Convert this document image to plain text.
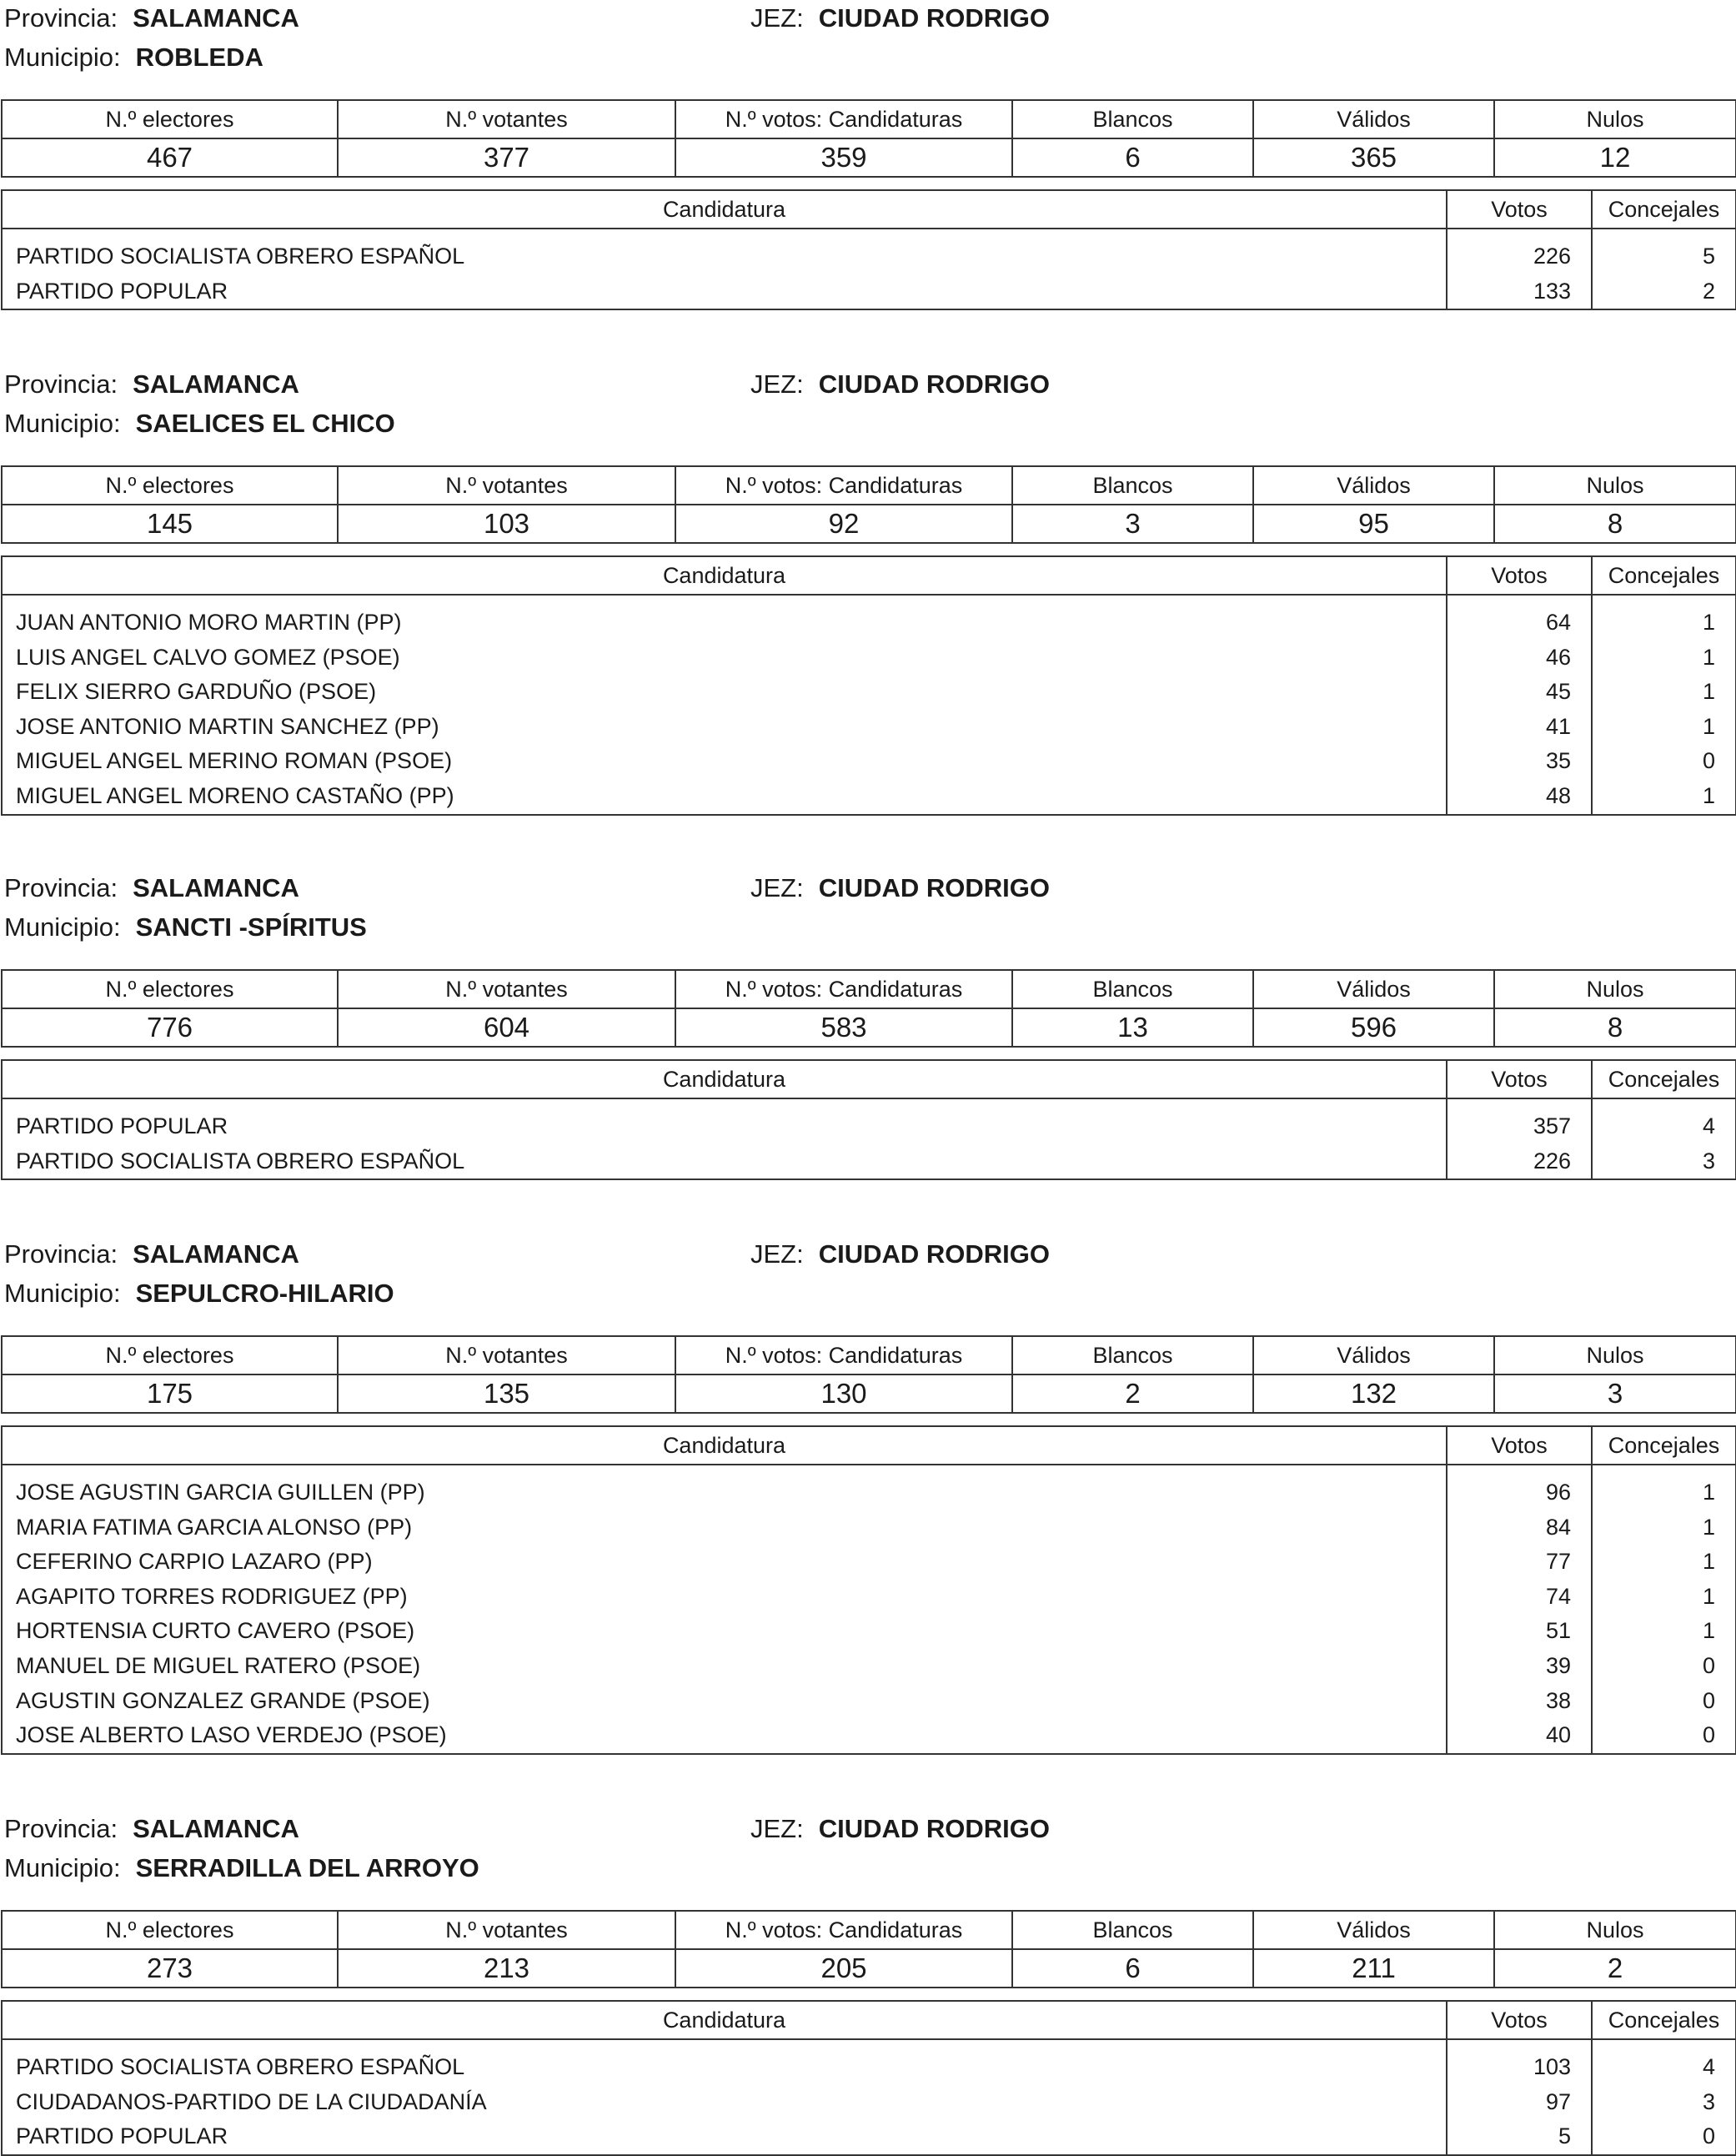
Provincia: SALAMANCA	JEZ: CIUDAD RODRIGO
Municipio: ROBLEDA
N.º electores	N.º votantes	N.º votos: Candidaturas	Blancos	Válidos	Nulos
467	377	359	6	365	12
Candidatura	Votos	Concejales

PARTIDO SOCIALISTA OBRERO ESPAÑOL	226	5
PARTIDO POPULAR	133	2
Provincia: SALAMANCA	JEZ: CIUDAD RODRIGO
Municipio: SAELICES EL CHICO
N.º electores	N.º votantes	N.º votos: Candidaturas	Blancos	Válidos	Nulos
145	103	92	3	95	8
Candidatura	Votos	Concejales

JUAN ANTONIO MORO MARTIN (PP)	64	1
LUIS ANGEL CALVO GOMEZ (PSOE)	46	1
FELIX SIERRO GARDUÑO (PSOE)	45	1
JOSE ANTONIO MARTIN SANCHEZ (PP)	41	1
MIGUEL ANGEL MERINO ROMAN (PSOE)	35	0
MIGUEL ANGEL MORENO CASTAÑO (PP)	48	1
Provincia: SALAMANCA	JEZ: CIUDAD RODRIGO
Municipio: SANCTI -SPÍRITUS
N.º electores	N.º votantes	N.º votos: Candidaturas	Blancos	Válidos	Nulos
776	604	583	13	596	8
Candidatura	Votos	Concejales

PARTIDO POPULAR	357	4
PARTIDO SOCIALISTA OBRERO ESPAÑOL	226	3
Provincia: SALAMANCA	JEZ: CIUDAD RODRIGO
Municipio: SEPULCRO-HILARIO
N.º electores	N.º votantes	N.º votos: Candidaturas	Blancos	Válidos	Nulos
175	135	130	2	132	3
Candidatura	Votos	Concejales

JOSE AGUSTIN GARCIA GUILLEN (PP)	96	1
MARIA FATIMA GARCIA ALONSO (PP)	84	1
CEFERINO CARPIO LAZARO (PP)	77	1
AGAPITO TORRES RODRIGUEZ (PP)	74	1
HORTENSIA CURTO CAVERO (PSOE)	51	1
MANUEL DE MIGUEL RATERO (PSOE)	39	0
AGUSTIN GONZALEZ GRANDE (PSOE)	38	0
JOSE ALBERTO LASO VERDEJO (PSOE)	40	0
Provincia: SALAMANCA	JEZ: CIUDAD RODRIGO
Municipio: SERRADILLA DEL ARROYO
N.º electores	N.º votantes	N.º votos: Candidaturas	Blancos	Válidos	Nulos
273	213	205	6	211	2
Candidatura	Votos	Concejales

PARTIDO SOCIALISTA OBRERO ESPAÑOL	103	4
CIUDADANOS-PARTIDO DE LA CIUDADANÍA	97	3
PARTIDO POPULAR	5	0
